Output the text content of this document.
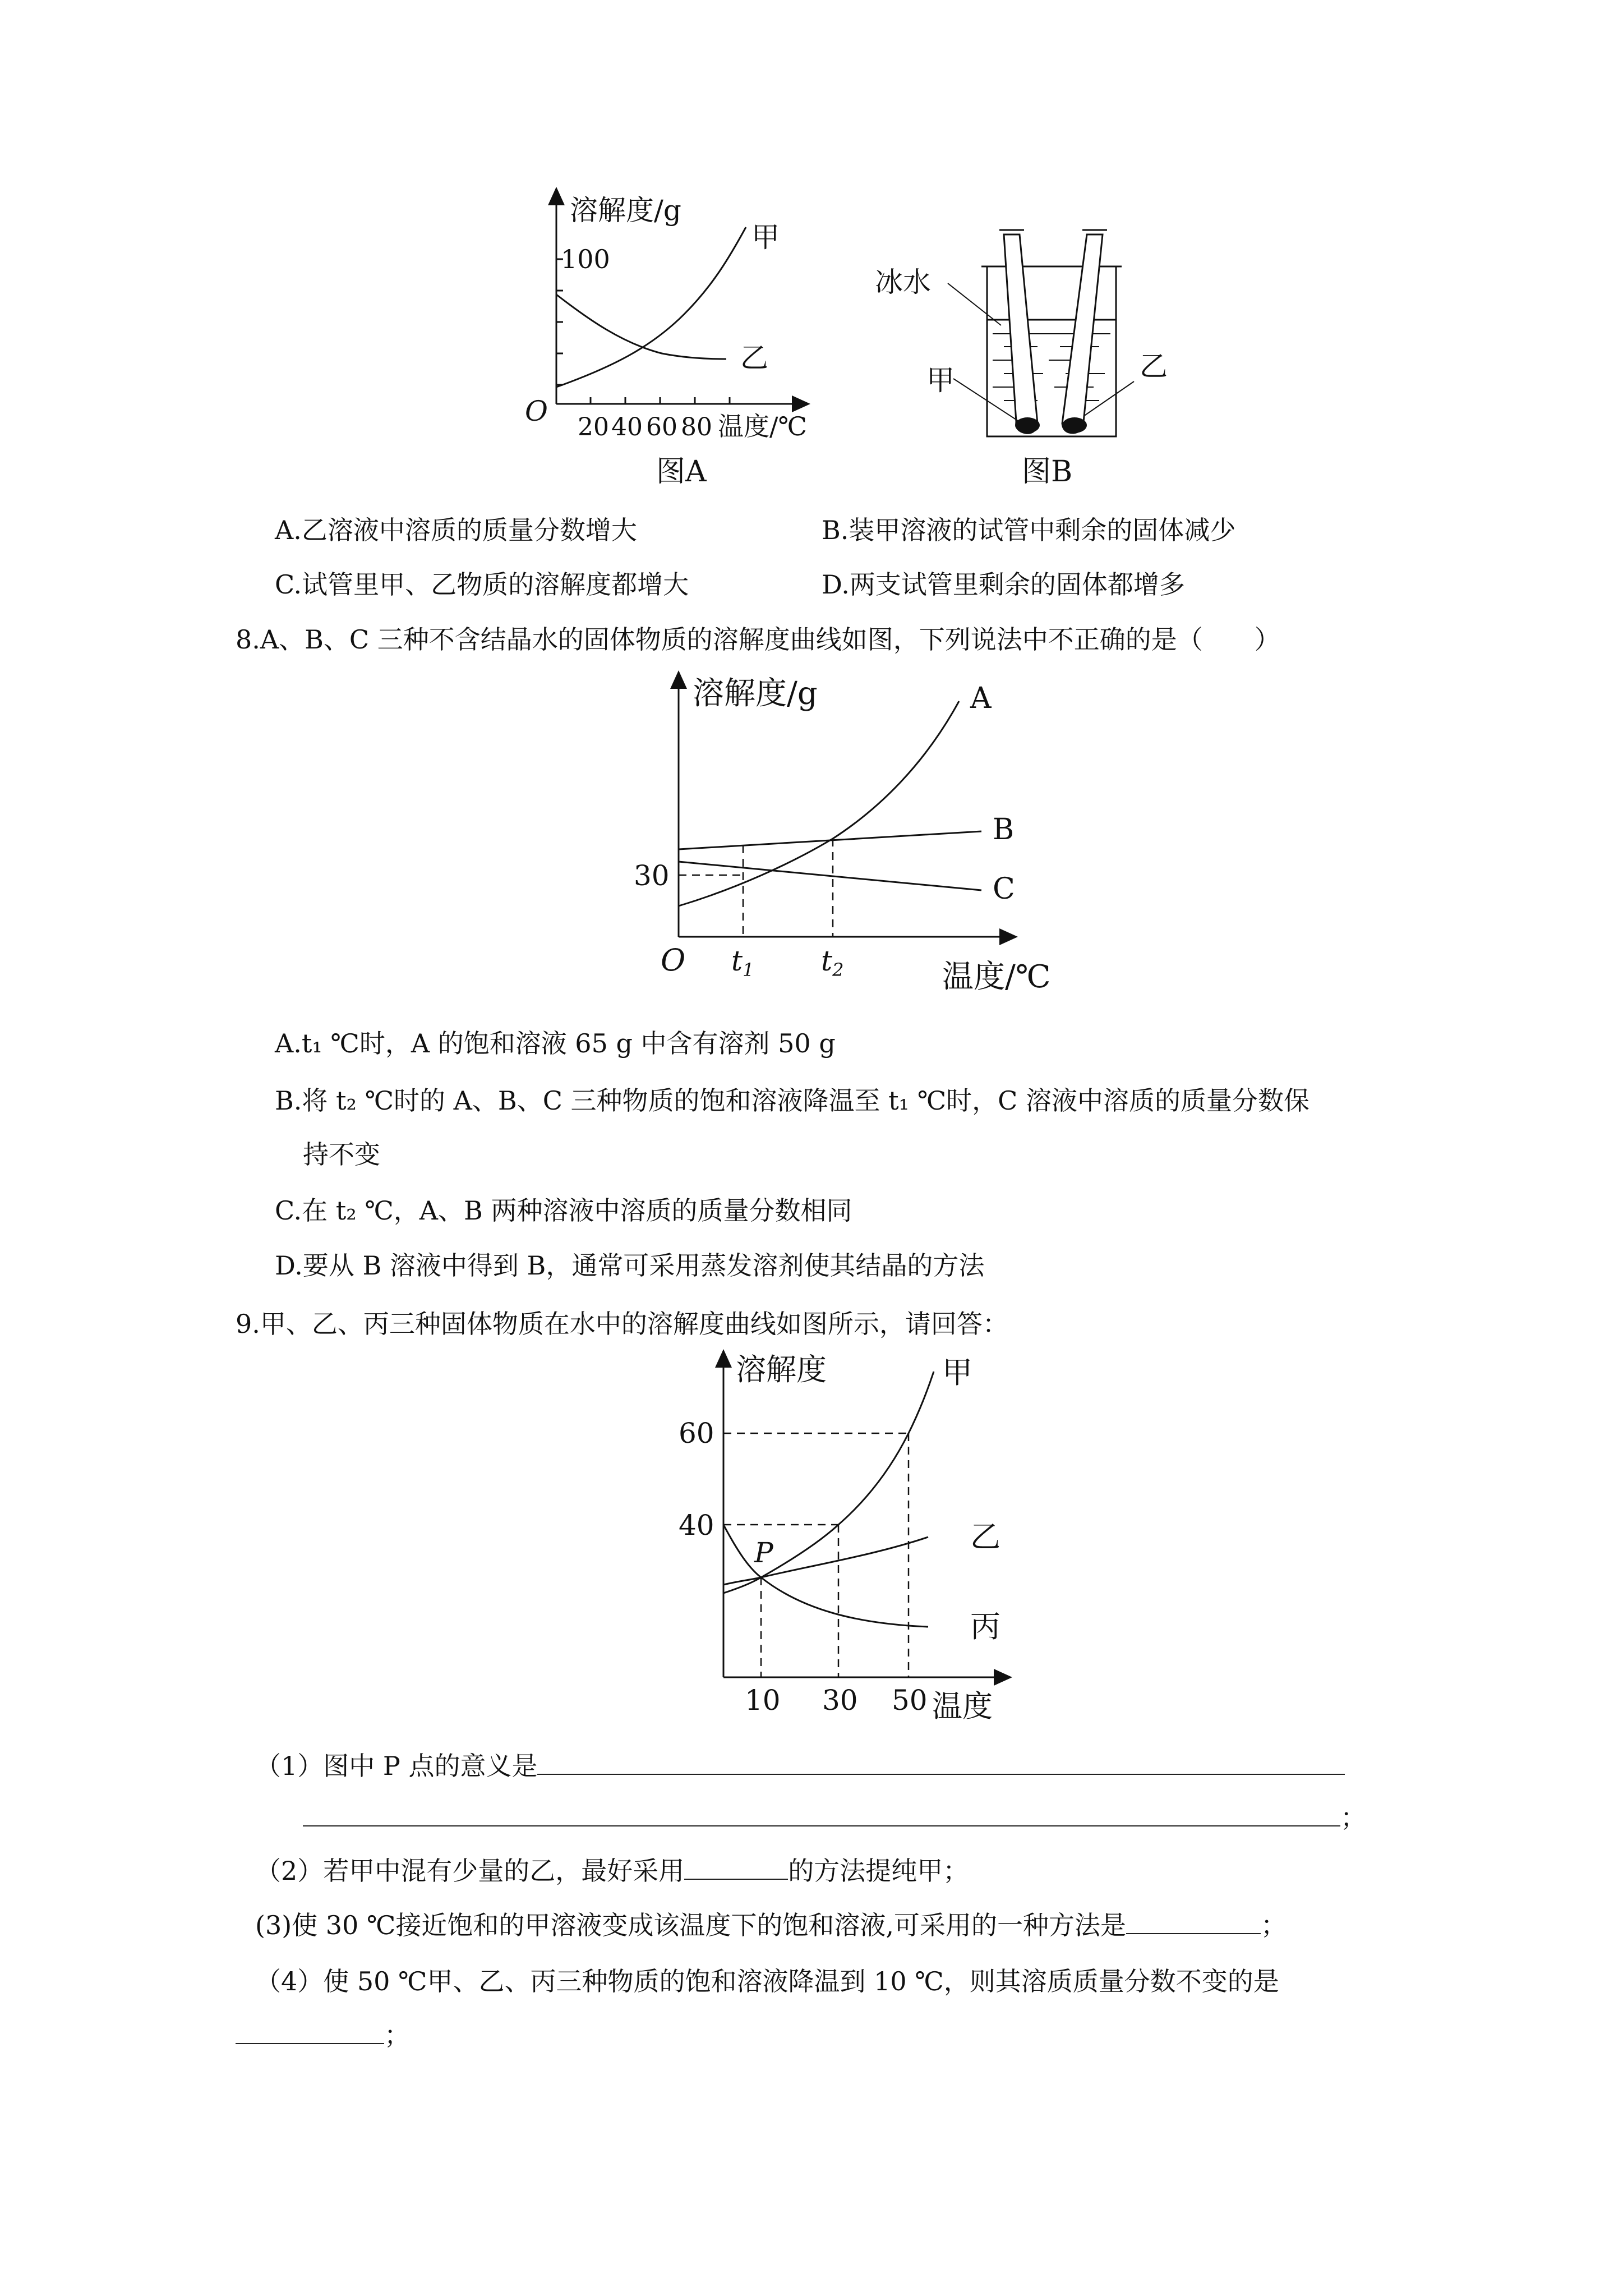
溶解度/g
100
O 20 40 60 80 温度/℃
甲
乙
图A
冰水
甲	乙
图B
A.乙溶液中溶质的质量分数增大	B.装甲溶液的试管中剩余的固体减少
C.试管里甲、乙物质的溶解度都增大	D.两支试管里剩余的固体都增多
8.A、B、C 三种不含结晶水的固体物质的溶解度曲线如图，下列说法中不正确的是（　　）
溶解度/g
30
O $t_1$ $t_2$	温度/℃
A
B
C
A.t₁ ℃时，A 的饱和溶液 65 g 中含有溶剂 50 g
B.将 t₂ ℃时的 A、B、C 三种物质的饱和溶液降温至 t₁ ℃时，C 溶液中溶质的质量分数保
持不变
C.在 t₂ ℃，A、B 两种溶液中溶质的质量分数相同
D.要从 B 溶液中得到 B，通常可采用蒸发溶剂使其结晶的方法
9.甲、乙、丙三种固体物质在水中的溶解度曲线如图所示，请回答：
溶解度
60
40
P
10 30 50 温度
甲
乙
丙
（1）图中 P 点的意义是
；
（2）若甲中混有少量的乙，最好采用	的方法提纯甲；
(3)使 30 ℃接近饱和的甲溶液变成该温度下的饱和溶液,可采用的一种方法是	；
（4）使 50 ℃甲、乙、丙三种物质的饱和溶液降温到 10 ℃，则其溶质质量分数不变的是
；
